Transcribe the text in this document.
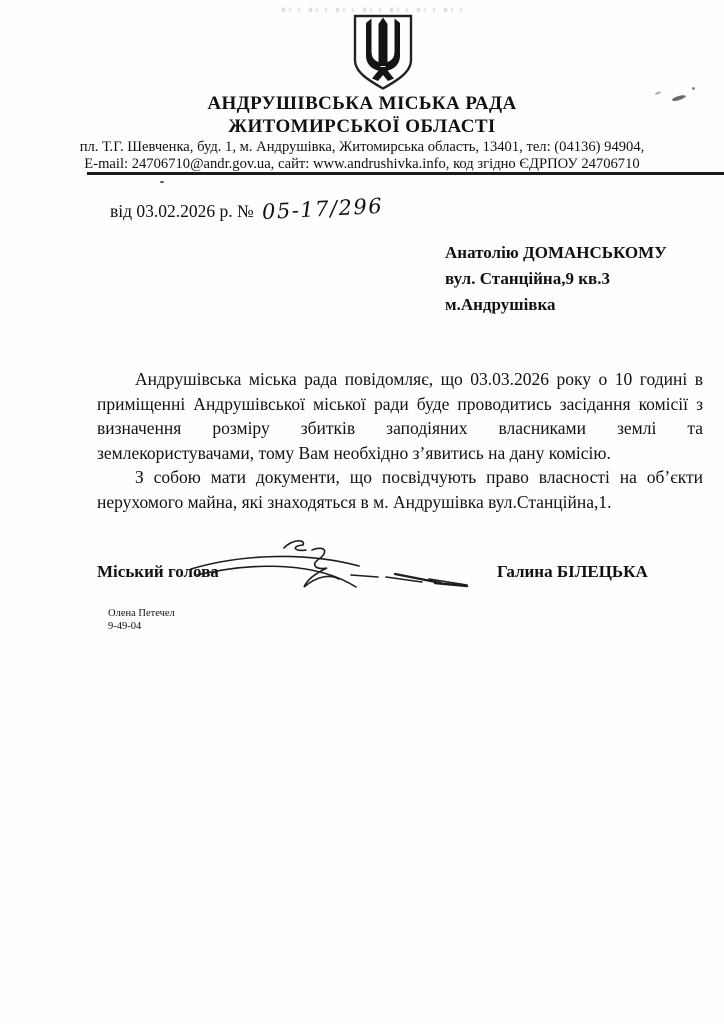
АНДРУШІВСЬКА МІСЬКА РАДА
ЖИТОМИРСЬКОЇ ОБЛАСТІ
пл. Т.Г. Шевченка, буд. 1, м. Андрушівка, Житомирська область, 13401, тел: (04136) 94904,
E-mail: 24706710@andr.gov.ua, сайт: www.andrushivka.info, код згідно ЄДРПОУ 24706710
від 03.02.2026 р. № 05-17/296
Анатолію ДОМАНСЬКОМУ
вул. Станційна,9 кв.3
м.Андрушівка

Андрушівська міська рада повідомляє, що 03.03.2026 року о 10 годині в приміщенні Андрушівської міської ради буде проводитись засідання комісії з визначення розміру збитків заподіяних власниками землі та землекористувачами, тому Вам необхідно з’явитись на дану комісію.

З собою мати документи, що посвідчують право власності на об’єкти нерухомого майна, які знаходяться в м. Андрушівка вул.Станційна,1.

Міський голова	Галина БІЛЕЦЬКА
Олена Петечел
9-49-04
